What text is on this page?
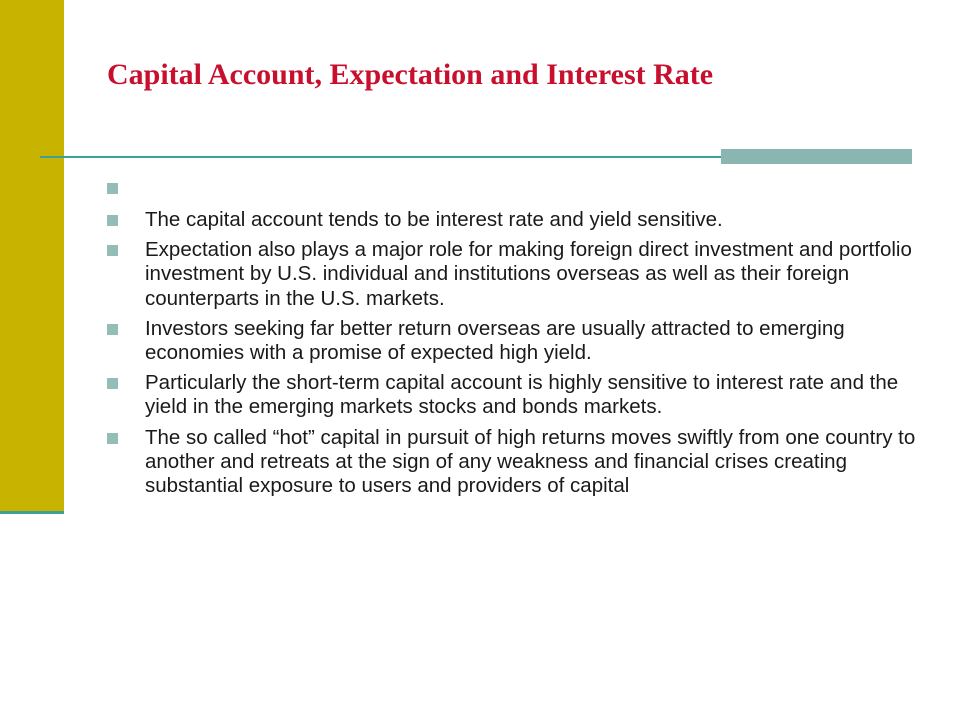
Capital Account, Expectation and Interest Rate
The capital account tends to be interest rate and yield sensitive.
Expectation also plays a major role for making foreign direct investment and portfolio investment by U.S. individual and institutions overseas as well as their foreign counterparts in the U.S. markets.
Investors seeking far better return overseas are usually attracted to emerging economies with a promise of expected high yield.
Particularly the short-term capital account is highly sensitive to interest rate and the yield in the emerging markets stocks and bonds markets.
The so called “hot” capital in pursuit of high returns moves swiftly from one country to another and retreats at the sign of any weakness and financial crises creating substantial exposure to users and providers of capital
